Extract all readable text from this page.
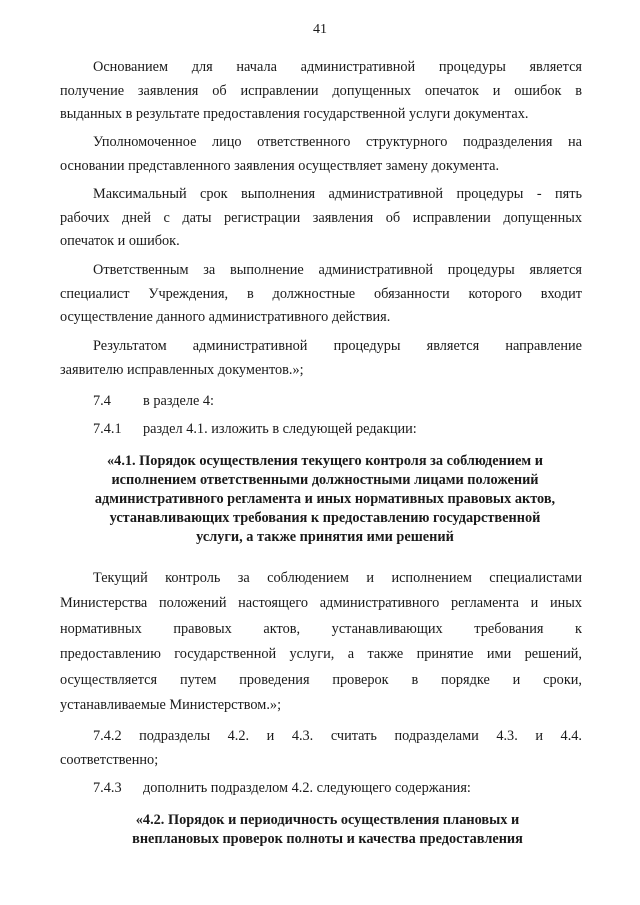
41
Основанием для начала административной процедуры является
получение заявления об исправлении допущенных опечаток и ошибок в
выданных в результате предоставления государственной услуги документах.
Уполномоченное лицо ответственного структурного подразделения на
основании представленного заявления осуществляет замену документа.
Максимальный срок выполнения административной процедуры - пять
рабочих дней с даты регистрации заявления об исправлении допущенных
опечаток и ошибок.
Ответственным за выполнение административной процедуры является
специалист Учреждения, в должностные обязанности которого входит
осуществление данного административного действия.
Результатом административной процедуры является направление
заявителю исправленных документов.»;
7.4 в разделе 4:
7.4.1 раздел 4.1. изложить в следующей редакции:
«4.1. Порядок осуществления текущего контроля за соблюдением и
исполнением ответственными должностными лицами положений
административного регламента и иных нормативных правовых актов,
устанавливающих требования к предоставлению государственной
услуги, а также принятия ими решений
Текущий контроль за соблюдением и исполнением специалистами
Министерства положений настоящего административного регламента и иных
нормативных правовых актов, устанавливающих требования к
предоставлению государственной услуги, а также принятие ими решений,
осуществляется путем проведения проверок в порядке и сроки,
устанавливаемые Министерством.»;
7.4.2 подразделы 4.2. и 4.3. считать подразделами 4.3. и 4.4.
соответственно;
7.4.3 дополнить подразделом 4.2. следующего содержания:
«4.2. Порядок и периодичность осуществления плановых и
внеплановых проверок полноты и качества предоставления
